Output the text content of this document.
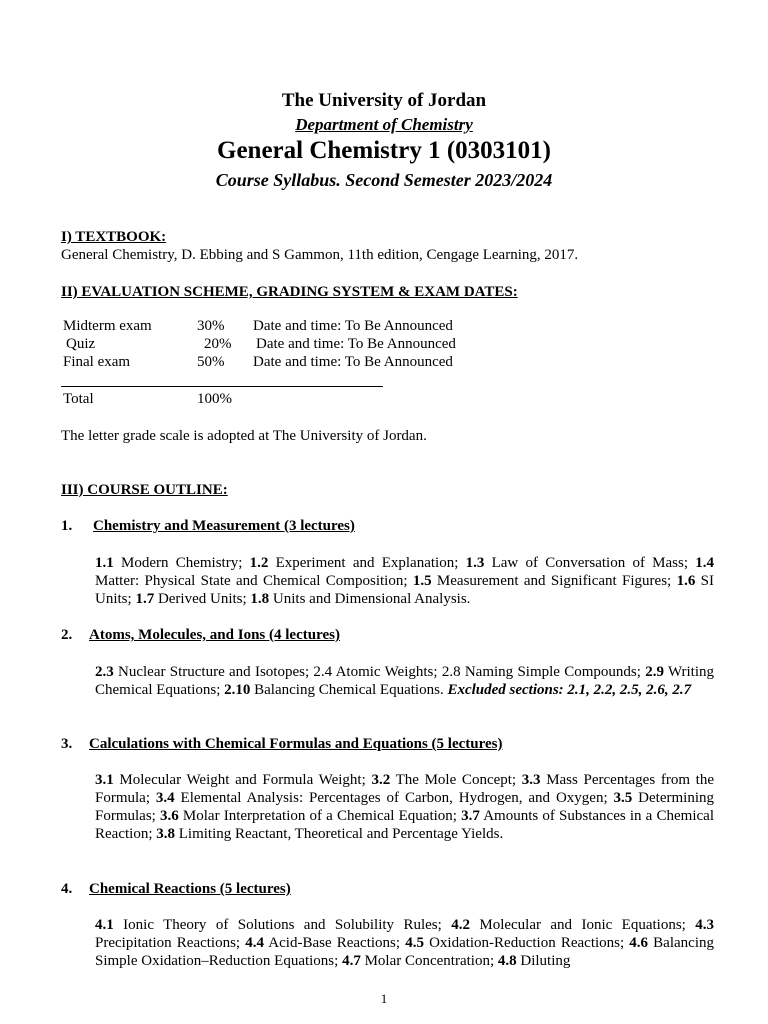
The University of Jordan
Department of Chemistry
General Chemistry 1 (0303101)
Course Syllabus. Second Semester 2023/2024
I) TEXTBOOK:
General Chemistry, D. Ebbing and S Gammon, 11th edition, Cengage Learning, 2017.
II) EVALUATION SCHEME, GRADING SYSTEM & EXAM DATES:
Midterm exam	30% Date and time: To Be Announced
Quiz	20% Date and time: To Be Announced
Final exam	50% Date and time: To Be Announced
Total	100%
The letter grade scale is adopted at The University of Jordan.
III) COURSE OUTLINE:
1. Chemistry and Measurement (3 lectures)
1.1 Modern Chemistry; 1.2 Experiment and Explanation; 1.3 Law of Conversation of Mass; 1.4 Matter: Physical State and Chemical Composition; 1.5 Measurement and Significant Figures; 1.6 SI Units; 1.7 Derived Units; 1.8 Units and Dimensional Analysis.
2. Atoms, Molecules, and Ions (4 lectures)
2.3 Nuclear Structure and Isotopes; 2.4 Atomic Weights; 2.8 Naming Simple Compounds; 2.9 Writing Chemical Equations; 2.10 Balancing Chemical Equations. Excluded sections: 2.1, 2.2, 2.5, 2.6, 2.7
3. Calculations with Chemical Formulas and Equations (5 lectures)
3.1 Molecular Weight and Formula Weight; 3.2 The Mole Concept; 3.3 Mass Percentages from the Formula; 3.4 Elemental Analysis: Percentages of Carbon, Hydrogen, and Oxygen; 3.5 Determining Formulas; 3.6 Molar Interpretation of a Chemical Equation; 3.7 Amounts of Substances in a Chemical Reaction; 3.8 Limiting Reactant, Theoretical and Percentage Yields.
4. Chemical Reactions (5 lectures)
4.1 Ionic Theory of Solutions and Solubility Rules; 4.2 Molecular and Ionic Equations; 4.3 Precipitation Reactions; 4.4 Acid-Base Reactions; 4.5 Oxidation-Reduction Reactions; 4.6 Balancing Simple Oxidation–Reduction Equations; 4.7 Molar Concentration; 4.8 Diluting
1
